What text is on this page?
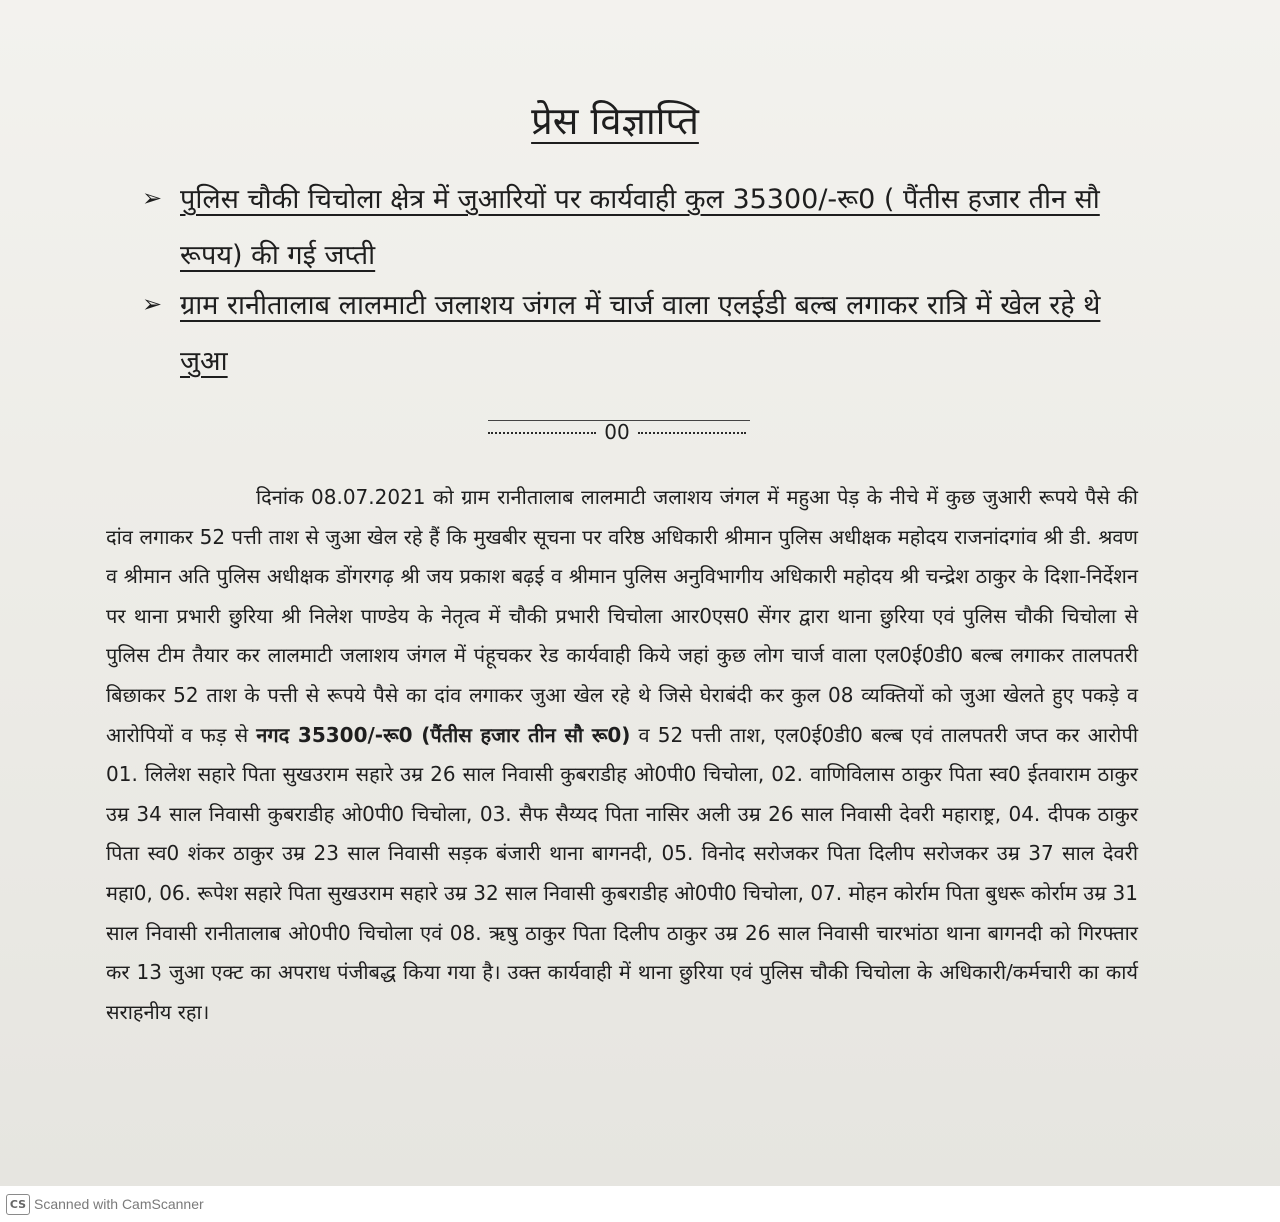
प्रेस विज्ञाप्ति
➢ पुलिस चौकी चिचोला क्षेत्र में जुआरियों पर कार्यवाही कुल 35300/-रू0 ( पैंतीस हजार तीन सौ रूपय) की गई जप्ती
➢ ग्राम रानीतालाब लालमाटी जलाशय जंगल में चार्ज वाला एलईडी बल्ब लगाकर रात्रि में खेल रहे थे जुआ
00

दिनांक 08.07.2021 को ग्राम रानीतालाब लालमाटी जलाशय जंगल में महुआ पेड़ के नीचे में कुछ जुआरी रूपये पैसे की दांव लगाकर 52 पत्ती ताश से जुआ खेल रहे हैं कि मुखबीर सूचना पर वरिष्ठ अधिकारी श्रीमान पुलिस अधीक्षक महोदय राजनांदगांव श्री डी. श्रवण व श्रीमान अति पुलिस अधीक्षक डोंगरगढ़ श्री जय प्रकाश बढ़ई व श्रीमान पुलिस अनुविभागीय अधिकारी महोदय श्री चन्द्रेश ठाकुर के दिशा-निर्देशन पर थाना प्रभारी छुरिया श्री निलेश पाण्डेय के नेतृत्व में चौकी प्रभारी चिचोला आर0एस0 सेंगर द्वारा थाना छुरिया एवं पुलिस चौकी चिचोला से पुलिस टीम तैयार कर लालमाटी जलाशय जंगल में पंहूचकर रेड कार्यवाही किये जहां कुछ लोग चार्ज वाला एल0ई0डी0 बल्ब लगाकर तालपतरी बिछाकर 52 ताश के पत्ती से रूपये पैसे का दांव लगाकर जुआ खेल रहे थे जिसे घेराबंदी कर कुल 08 व्यक्तियों को जुआ खेलते हुए पकड़े व आरोपियों व फड़ से नगद 35300/-रू0 (पैंतीस हजार तीन सौ रू0) व 52 पत्ती ताश, एल0ई0डी0 बल्ब एवं तालपतरी जप्त कर आरोपी 01. लिलेश सहारे पिता सुखउराम सहारे उम्र 26 साल निवासी कुबराडीह ओ0पी0 चिचोला, 02. वाणिविलास ठाकुर पिता स्व0 ईतवाराम ठाकुर उम्र 34 साल निवासी कुबराडीह ओ0पी0 चिचोला, 03. सैफ सैय्यद पिता नासिर अली उम्र 26 साल निवासी देवरी महाराष्ट्र, 04. दीपक ठाकुर पिता स्व0 शंकर ठाकुर उम्र 23 साल निवासी सड़क बंजारी थाना बागनदी, 05. विनोद सरोजकर पिता दिलीप सरोजकर उम्र 37 साल देवरी महा0, 06. रूपेश सहारे पिता सुखउराम सहारे उम्र 32 साल निवासी कुबराडीह ओ0पी0 चिचोला, 07. मोहन कोर्राम पिता बुधरू कोर्राम उम्र 31 साल निवासी रानीतालाब ओ0पी0 चिचोला एवं 08. ऋषु ठाकुर पिता दिलीप ठाकुर उम्र 26 साल निवासी चारभांठा थाना बागनदी को गिरफ्तार कर 13 जुआ एक्ट का अपराध पंजीबद्ध किया गया है। उक्त कार्यवाही में थाना छुरिया एवं पुलिस चौकी चिचोला के अधिकारी/कर्मचारी का कार्य सराहनीय रहा।

CS Scanned with CamScanner
